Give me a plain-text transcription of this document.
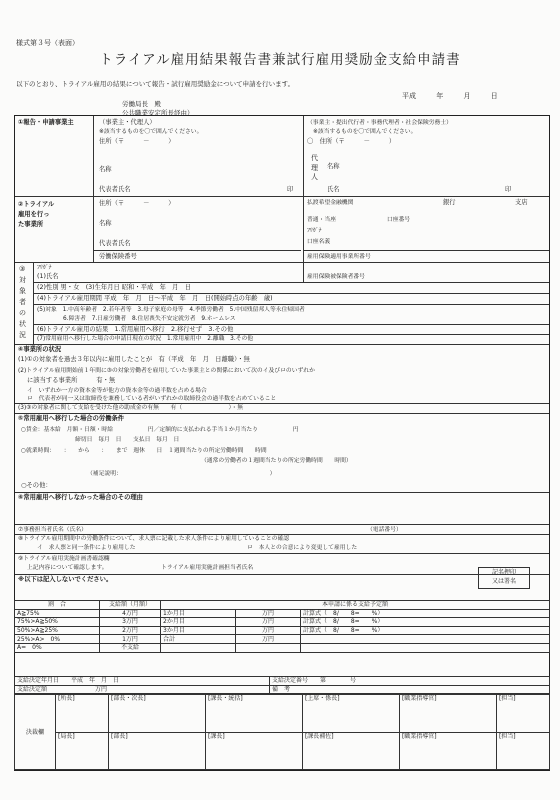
様式第３号（表面）
トライアル雇用結果報告書兼試行雇用奨励金支給申請書
以下のとおり、トライアル雇用の結果について報告・試行雇用奨励金について申請を行います。
平成 年 月 日
労働局長　殿
公共職業安定所長経由）
①報告・申請事業主	（事業主・代理人）
※該当するものを〇で囲んでください。
住所（〒　　　－　　　）
名称
代表者氏名	印
（事業主・提出代行者・事務代理者・社会保険労務士）
※該当するものを〇で囲んでください。
〇　住所（〒　　　－　　　）
代
理
人
名称
氏名	印
②トライアル
雇用を行っ
た事業所
住所（〒　　　－　　　）
名称
代表者氏名
労働保険番号
払渡希望金融機関	銀行	支店
普通・当座	口座番号
ﾌﾘｶﾞﾅ
口座名義
雇用保険適用事業所番号
③
対
象
者
の
状
況
ﾌﾘｶﾞﾅ
(1)氏名	雇用保険被保険者番号
(2)性別 男・女　(3)生年月日 昭和・平成　年　月　日
(4)トライアル雇用期間 平成　年　月　日～平成　年　月　日(開始時点の年齢　歳)
(5)対象　1.中高年齢者　2.若年者等　3.母子家庭の母等　4.季節労働者　5.中国残留邦人等永住帰国者
6.障害者　7.日雇労働者　8.住居喪失不安定就労者　9.ホームレス
(6)トライアル雇用の結果　1.常用雇用へ移行　2.移行せず　3.その他
(7)常用雇用へ移行した場合の申請日現在の状況　1.常用雇用中　2.離職　3.その他
④事業所の状況
(1)①の対象者を過去３年以内に雇用したことが　有（平成　年　月　日離職）・無
(2)トライアル雇用開始前１年間に③の対象労働者を雇用していた事業主との関係において次のイ及びロのいずれか
に該当する事業所　　　有・無
イ　いずれか一方の資本金等が他方の資本金等の過半数を占める場合
ロ　代表者が同一又は取締役を兼務している者がいずれかの取締役会の過半数を占めていること
(3)③の対象者に関して支給を受けた他の助成金の有無　　有（　　　　　　　　）・無
⑤常用雇用へ移行した場合の労働条件
○賃金：基本給　月額・日額・時給　　　　　　円／定額的に支払われる手当１か月当たり　　　　　　円
締切日　毎月　日　　支払日　毎月　日
○就業時間：　　：　　から　　：　　まで　週休　　日　１週間当たりの所定労働時間　　時間
（通常の労働者の１週間当たりの所定労働時間　　時間）
（補足説明：　　　　　　　　　　　　　　　　　　　　　　　　　　）
○その他：
⑥常用雇用へ移行しなかった場合のその理由
⑦事務担当者氏名（氏名）	（電話番号）
⑧トライアル雇用期間中の労働条件について、求人票に記載した求人条件により雇用していることの確認
イ　求人票と同一条件により雇用した	ロ　本人との合意により変更して雇用した
⑨トライアル雇用実施計画書確認欄
上記内容について確認します。	トライアル雇用実施計画担当者氏名
※以下は記入しないでください。
記名押印
又は署名
割　合	支給額（月額）	本申請に係る支給予定額		
A≧75%	4万円	1か月目	万円	計算式（　8/　　8=　　%）
75%>A≧50%	3万円	2か月目	万円	計算式（　8/　　8=　　%）
50%>A≧25%	2万円	3か月目	万円	計算式（　8/　　8=　　%）
25%>A>　0%	1万円	合計	万円	
A=　0%	不支給			
支給決定年月日　　平成　年　月　日	支給決定番号　　第　　　　号
支給決定額　　　　　　　　万円	備　考
決裁欄	[所長]	[部長・次長]	[課長・統括]	[上席・係長]	[職業指導官]	[担当]
	[局長]	[部長]	[課長]	[課長補佐]	[職業指導官]	[担当]
